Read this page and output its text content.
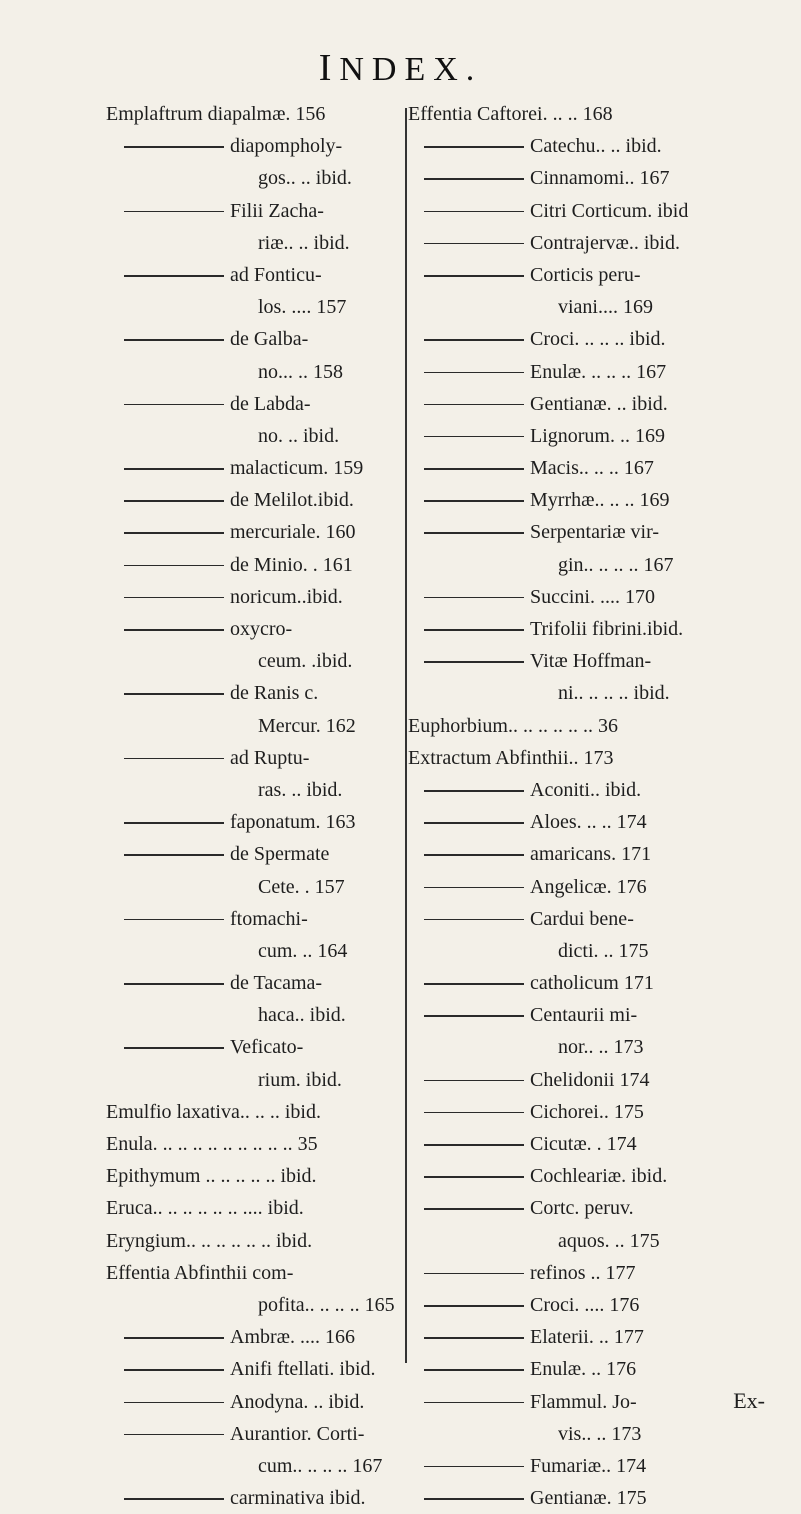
INDEX.
Emplaftrum diapalmæ. 156
diapompholy-
gos.. .. ibid.
Filii Zacha-
riæ.. .. ibid.
ad Fonticu-
los. .... 157
de Galba-
no... .. 158
de Labda-
no. .. ibid.
malacticum. 159
de Melilot.ibid.
mercuriale. 160
de Minio. . 161
noricum..ibid.
oxycro-
ceum. .ibid.
de Ranis c.
Mercur. 162
ad Ruptu-
ras. .. ibid.
faponatum. 163
de Spermate
Cete. . 157
ftomachi-
cum. .. 164
de Tacama-
haca.. ibid.
Veficato-
rium. ibid.
Emulfio laxativa.. .. .. ibid.
Enula. .. .. .. .. .. .. .. .. .. 35
Epithymum .. .. .. .. .. ibid.
Eruca.. .. .. .. .. .. .... ibid.
Eryngium.. .. .. .. .. .. ibid.
Effentia Abfinthii com-
pofita.. .. .. .. 165
Ambræ. .... 166
Anifi ftellati. ibid.
Anodyna. .. ibid.
Aurantior. Corti-
cum.. .. .. .. 167
carminativa ibid.
Effentia Caftorei. .. .. 168
Catechu.. .. ibid.
Cinnamomi.. 167
Citri Corticum. ibid
Contrajervæ.. ibid.
Corticis peru-
viani.... 169
Croci. .. .. .. ibid.
Enulæ. .. .. .. 167
Gentianæ. .. ibid.
Lignorum. .. 169
Macis.. .. .. 167
Myrrhæ.. .. .. 169
Serpentariæ vir-
gin.. .. .. .. 167
Succini. .... 170
Trifolii fibrini.ibid.
Vitæ Hoffman-
ni.. .. .. .. ibid.
Euphorbium.. .. .. .. .. .. 36
Extractum Abfinthii.. 173
Aconiti.. ibid.
Aloes. .. .. 174
amaricans. 171
Angelicæ. 176
Cardui bene-
dicti. .. 175
catholicum 171
Centaurii mi-
nor.. .. 173
Chelidonii 174
Cichorei.. 175
Cicutæ. . 174
Cochleariæ. ibid.
Cortc. peruv.
aquos. .. 175
refinos .. 177
Croci. .... 176
Elaterii. .. 177
Enulæ. .. 176
Flammul. Jo-
vis.. .. 173
Fumariæ.. 174
Gentianæ. 175
Ex-
